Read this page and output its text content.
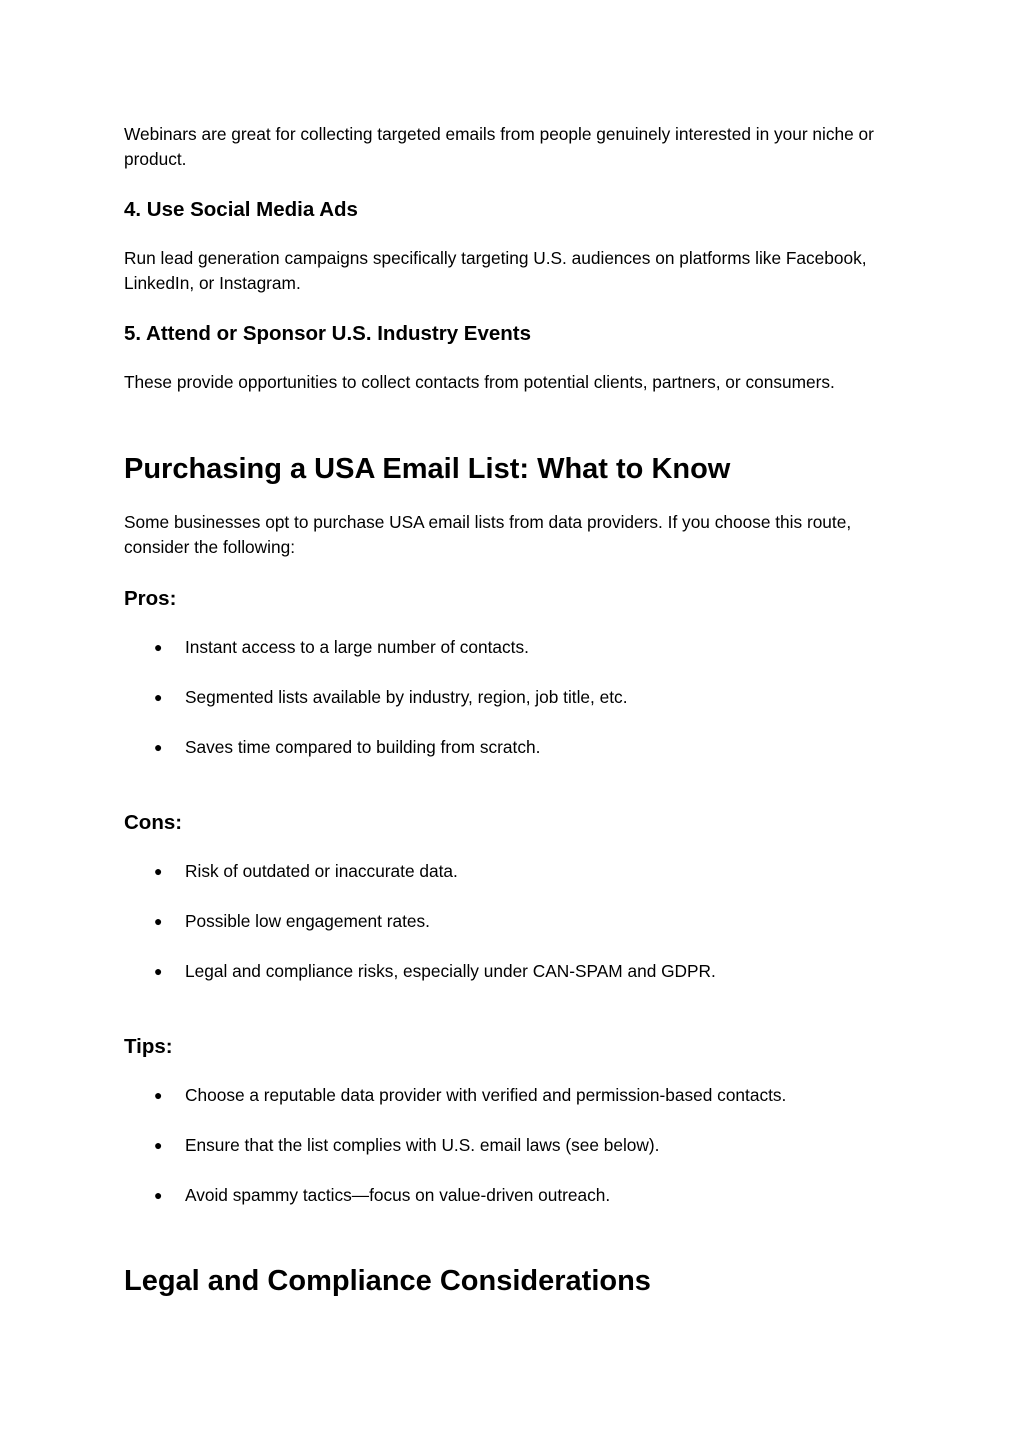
Webinars are great for collecting targeted emails from people genuinely interested in your niche or product.

4. Use Social Media Ads

Run lead generation campaigns specifically targeting U.S. audiences on platforms like Facebook, LinkedIn, or Instagram.

5. Attend or Sponsor U.S. Industry Events

These provide opportunities to collect contacts from potential clients, partners, or consumers.

Purchasing a USA Email List: What to Know

Some businesses opt to purchase USA email lists from data providers. If you choose this route, consider the following:

Pros:
● Instant access to a large number of contacts.
● Segmented lists available by industry, region, job title, etc.
● Saves time compared to building from scratch.
Cons:
● Risk of outdated or inaccurate data.
● Possible low engagement rates.
● Legal and compliance risks, especially under CAN-SPAM and GDPR.
Tips:
● Choose a reputable data provider with verified and permission-based contacts.
● Ensure that the list complies with U.S. email laws (see below).
● Avoid spammy tactics—focus on value-driven outreach.
Legal and Compliance Considerations
